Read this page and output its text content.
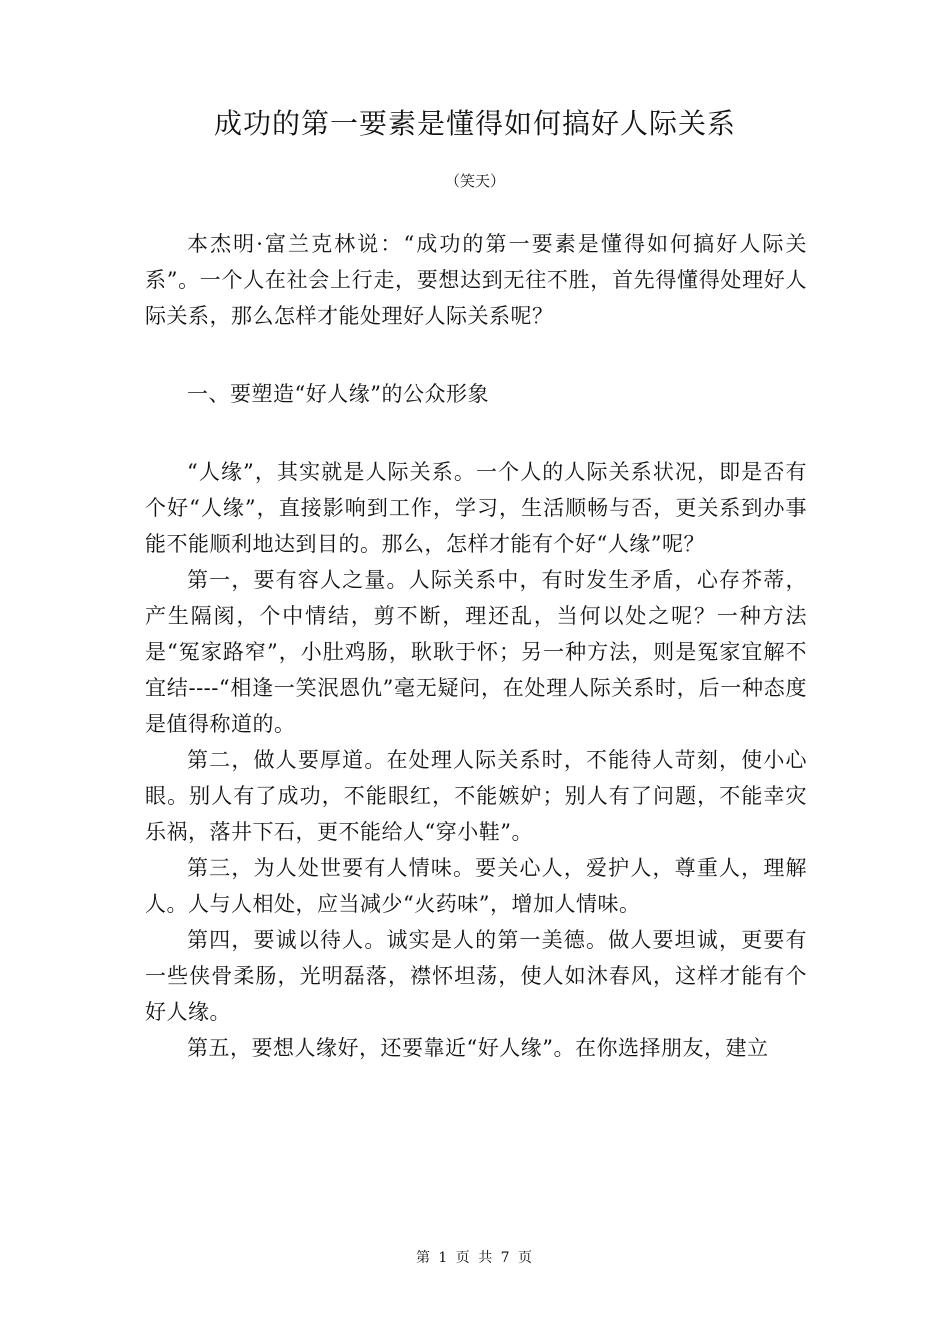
成功的第一要素是懂得如何搞好人际关系
（笑天）

本杰明·富兰克林说：“成功的第一要素是懂得如何搞好人际关系”。一个人在社会上行走，要想达到无往不胜，首先得懂得处理好人际关系，那么怎样才能处理好人际关系呢？

一、要塑造“好人缘”的公众形象

“人缘”，其实就是人际关系。一个人的人际关系状况，即是否有个好“人缘”，直接影响到工作，学习，生活顺畅与否，更关系到办事能不能顺利地达到目的。那么，怎样才能有个好“人缘”呢？

第一，要有容人之量。人际关系中，有时发生矛盾，心存芥蒂，产生隔阂，个中情结，剪不断，理还乱，当何以处之呢？一种方法是“冤家路窄”，小肚鸡肠，耿耿于怀；另一种方法，则是冤家宜解不宜结----“相逢一笑泯恩仇”毫无疑问，在处理人际关系时，后一种态度是值得称道的。

第二，做人要厚道。在处理人际关系时，不能待人苛刻，使小心眼。别人有了成功，不能眼红，不能嫉妒；别人有了问题，不能幸灾乐祸，落井下石，更不能给人“穿小鞋”。

第三，为人处世要有人情味。要关心人，爱护人，尊重人，理解人。人与人相处，应当减少“火药味”，增加人情味。

第四，要诚以待人。诚实是人的第一美德。做人要坦诚，更要有一些侠骨柔肠，光明磊落，襟怀坦荡，使人如沐春风，这样才能有个好人缘。

第五，要想人缘好，还要靠近“好人缘”。在你选择朋友，建立

第 1 页 共 7 页
